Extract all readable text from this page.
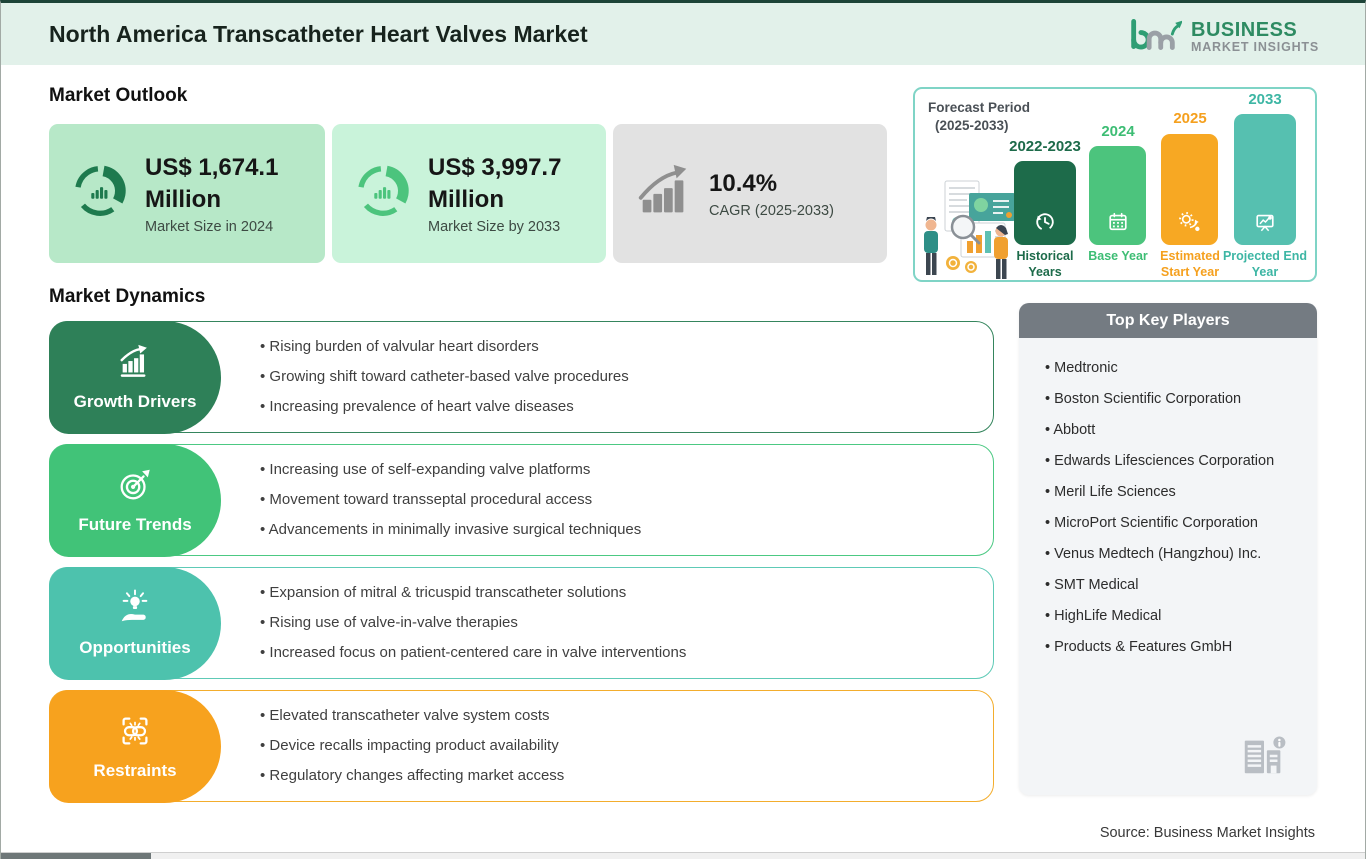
North America Transcatheter Heart Valves Market	BUSINESS
MARKET INSIGHTS
Market Outlook
US$ 1,674.1 Million
Market Size in 2024
US$ 3,997.7 Million
Market Size by 2033
10.4%
CAGR (2025-2033)
Forecast Period
(2025-2033)
2022-2023
Historical Years
2024
Base Year
2025
Estimated Start Year
2033
Projected End Year
Market Dynamics
Growth Drivers
• Rising burden of valvular heart disorders
• Growing shift toward catheter-based valve procedures
• Increasing prevalence of heart valve diseases
Future Trends
• Increasing use of self-expanding valve platforms
• Movement toward transseptal procedural access
• Advancements in minimally invasive surgical techniques
Opportunities
• Expansion of mitral & tricuspid transcatheter solutions
• Rising use of valve-in-valve therapies
• Increased focus on patient-centered care in valve interventions
Restraints
• Elevated transcatheter valve system costs
• Device recalls impacting product availability
• Regulatory changes affecting market access
Top Key Players
• Medtronic
• Boston Scientific Corporation
• Abbott
• Edwards Lifesciences Corporation
• Meril Life Sciences
• MicroPort Scientific Corporation
• Venus Medtech (Hangzhou) Inc.
• SMT Medical
• HighLife Medical
• Products & Features GmbH
Source: Business Market Insights
